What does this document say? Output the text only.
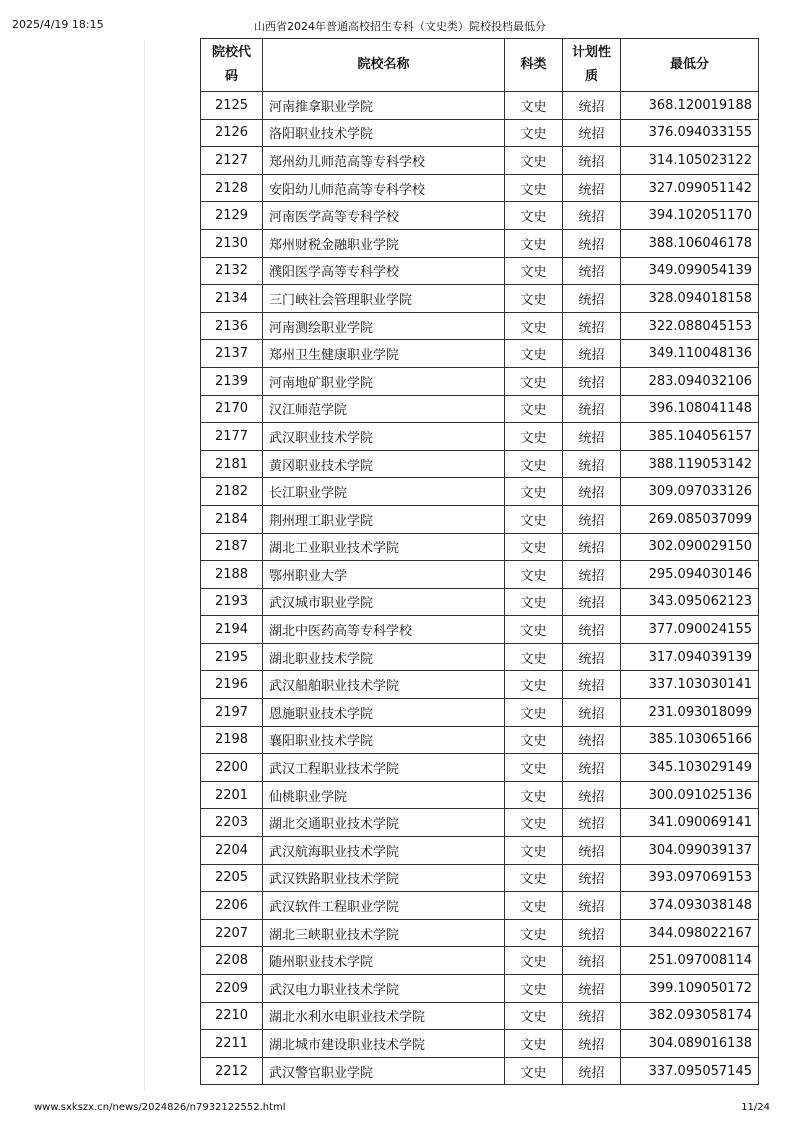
2025/4/19 18:15	山西省2024年普通高校招生专科（文史类）院校投档最低分
院校代码	院校名称	科类	计划性质	最低分
2125	河南推拿职业学院	文史	统招	368.120019188
2126	洛阳职业技术学院	文史	统招	376.094033155
2127	郑州幼儿师范高等专科学校	文史	统招	314.105023122
2128	安阳幼儿师范高等专科学校	文史	统招	327.099051142
2129	河南医学高等专科学校	文史	统招	394.102051170
2130	郑州财税金融职业学院	文史	统招	388.106046178
2132	濮阳医学高等专科学校	文史	统招	349.099054139
2134	三门峡社会管理职业学院	文史	统招	328.094018158
2136	河南测绘职业学院	文史	统招	322.088045153
2137	郑州卫生健康职业学院	文史	统招	349.110048136
2139	河南地矿职业学院	文史	统招	283.094032106
2170	汉江师范学院	文史	统招	396.108041148
2177	武汉职业技术学院	文史	统招	385.104056157
2181	黄冈职业技术学院	文史	统招	388.119053142
2182	长江职业学院	文史	统招	309.097033126
2184	荆州理工职业学院	文史	统招	269.085037099
2187	湖北工业职业技术学院	文史	统招	302.090029150
2188	鄂州职业大学	文史	统招	295.094030146
2193	武汉城市职业学院	文史	统招	343.095062123
2194	湖北中医药高等专科学校	文史	统招	377.090024155
2195	湖北职业技术学院	文史	统招	317.094039139
2196	武汉船舶职业技术学院	文史	统招	337.103030141
2197	恩施职业技术学院	文史	统招	231.093018099
2198	襄阳职业技术学院	文史	统招	385.103065166
2200	武汉工程职业技术学院	文史	统招	345.103029149
2201	仙桃职业学院	文史	统招	300.091025136
2203	湖北交通职业技术学院	文史	统招	341.090069141
2204	武汉航海职业技术学院	文史	统招	304.099039137
2205	武汉铁路职业技术学院	文史	统招	393.097069153
2206	武汉软件工程职业学院	文史	统招	374.093038148
2207	湖北三峡职业技术学院	文史	统招	344.098022167
2208	随州职业技术学院	文史	统招	251.097008114
2209	武汉电力职业技术学院	文史	统招	399.109050172
2210	湖北水利水电职业技术学院	文史	统招	382.093058174
2211	湖北城市建设职业技术学院	文史	统招	304.089016138
2212	武汉警官职业学院	文史	统招	337.095057145
www.sxkszx.cn/news/2024826/n7932122552.html	11/24
